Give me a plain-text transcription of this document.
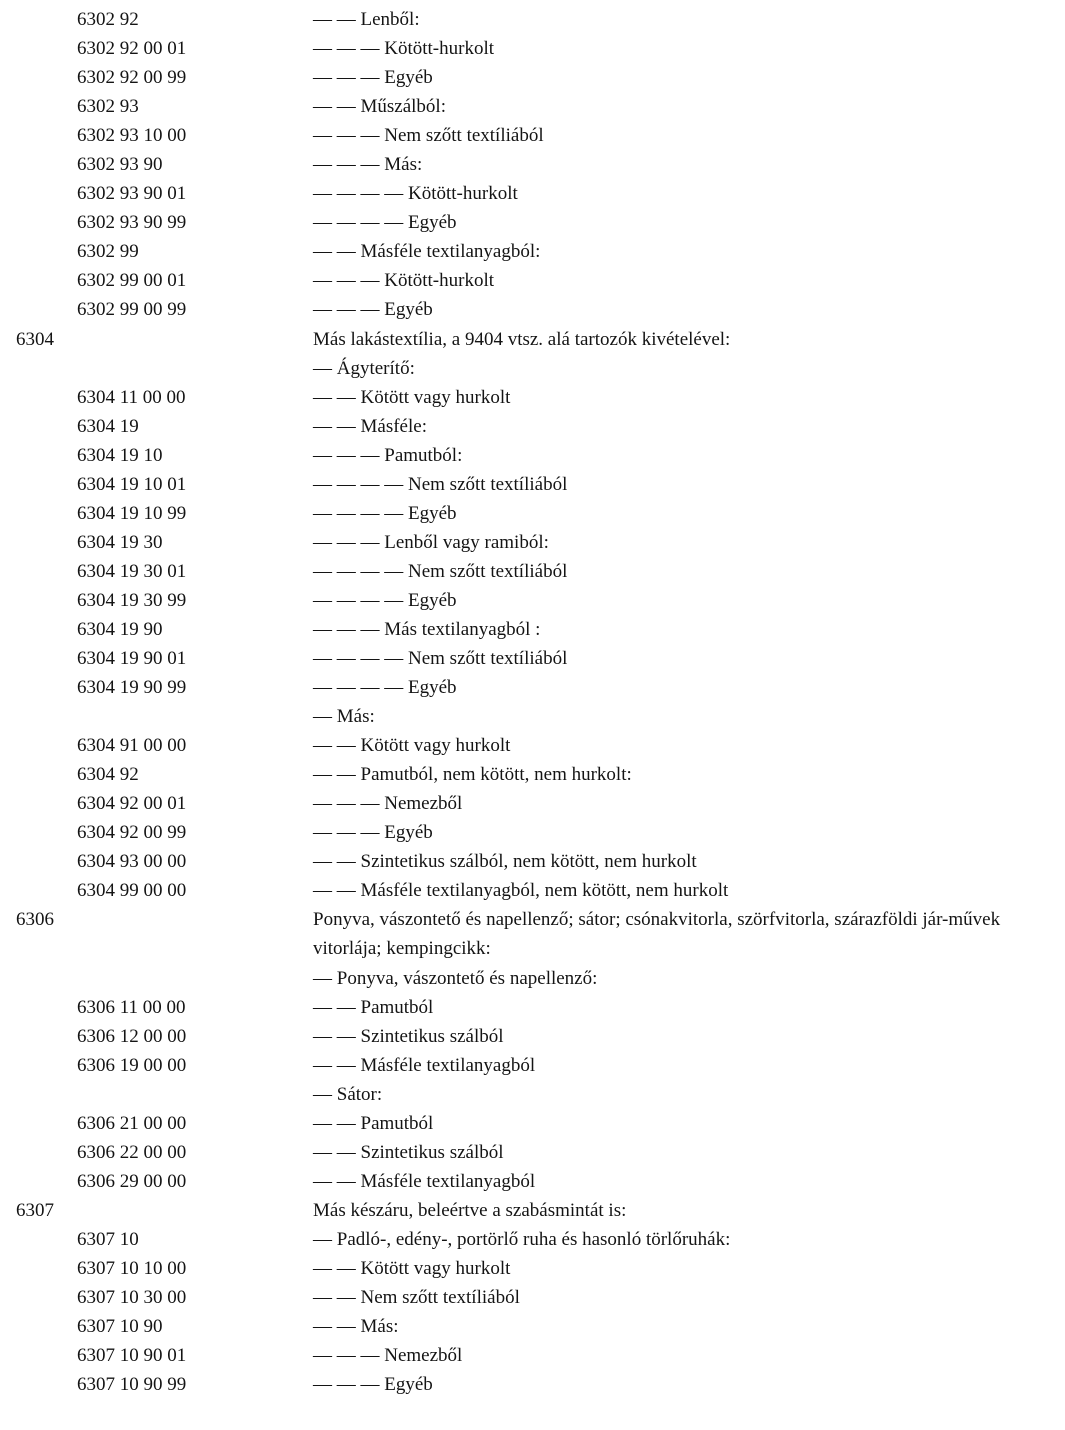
6302 92	— — Lenből:
6302 92 00 01	— — — Kötött-hurkolt
6302 92 00 99	— — — Egyéb
6302 93	— — Műszálból:
6302 93 10 00	— — — Nem szőtt textíliából
6302 93 90	— — — Más:
6302 93 90 01	— — — — Kötött-hurkolt
6302 93 90 99	— — — — Egyéb
6302 99	— — Másféle textilanyagból:
6302 99 00 01	— — — Kötött-hurkolt
6302 99 00 99	— — — Egyéb
6304	Más lakástextília, a 9404 vtsz. alá tartozók kivételével:
— Ágyterítő:
6304 11 00 00	— — Kötött vagy hurkolt
6304 19	— — Másféle:
6304 19 10	— — — Pamutból:
6304 19 10 01	— — — — Nem szőtt textíliából
6304 19 10 99	— — — — Egyéb
6304 19 30	— — — Lenből vagy ramiból:
6304 19 30 01	— — — — Nem szőtt textíliából
6304 19 30 99	— — — — Egyéb
6304 19 90	— — — Más textilanyagból :
6304 19 90 01	— — — — Nem szőtt textíliából
6304 19 90 99	— — — — Egyéb
— Más:
6304 91 00 00	— — Kötött vagy hurkolt
6304 92	— — Pamutból, nem kötött, nem hurkolt:
6304 92 00 01	— — — Nemezből
6304 92 00 99	— — — Egyéb
6304 93 00 00	— — Szintetikus szálból, nem kötött, nem hurkolt
6304 99 00 00	— — Másféle textilanyagból, nem kötött, nem hurkolt
6306	Ponyva, vászontető és napellenző; sátor; csónakvitorla, szörfvitorla, szárazföldi jár-művek vitorlája; kempingcikk:
— Ponyva, vászontető és napellenző:
6306 11 00 00	— — Pamutból
6306 12 00 00	— — Szintetikus szálból
6306 19 00 00	— — Másféle textilanyagból
— Sátor:
6306 21 00 00	— — Pamutból
6306 22 00 00	— — Szintetikus szálból
6306 29 00 00	— — Másféle textilanyagból
6307	Más készáru, beleértve a szabásmintát is:
6307 10	— Padló-, edény-, portörlő ruha és hasonló törlőruhák:
6307 10 10 00	— — Kötött vagy hurkolt
6307 10 30 00	— — Nem szőtt textíliából
6307 10 90	— — Más:
6307 10 90 01	— — — Nemezből
6307 10 90 99	— — — Egyéb
